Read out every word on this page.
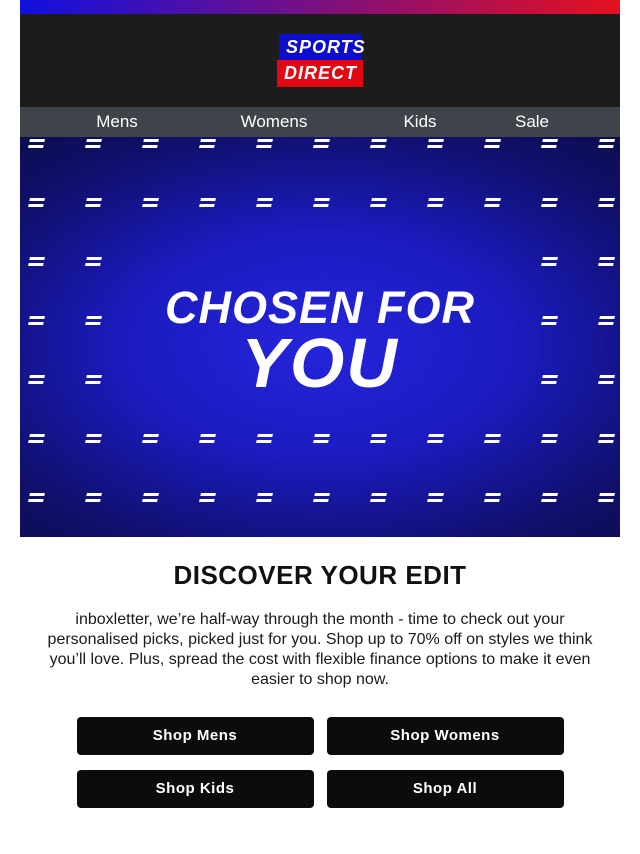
SPORTS
DIRECT
Mens	Womens	Kids	Sale
CHOSEN FOR
YOU
DISCOVER YOUR EDIT

inboxletter, we’re half-way through the month - time to check out your personalised picks, picked just for you. Shop up to 70% off on styles we think you’ll love. Plus, spread the cost with flexible finance options to make it even easier to shop now.

Shop Mens	Shop Womens
Shop Kids	Shop All
